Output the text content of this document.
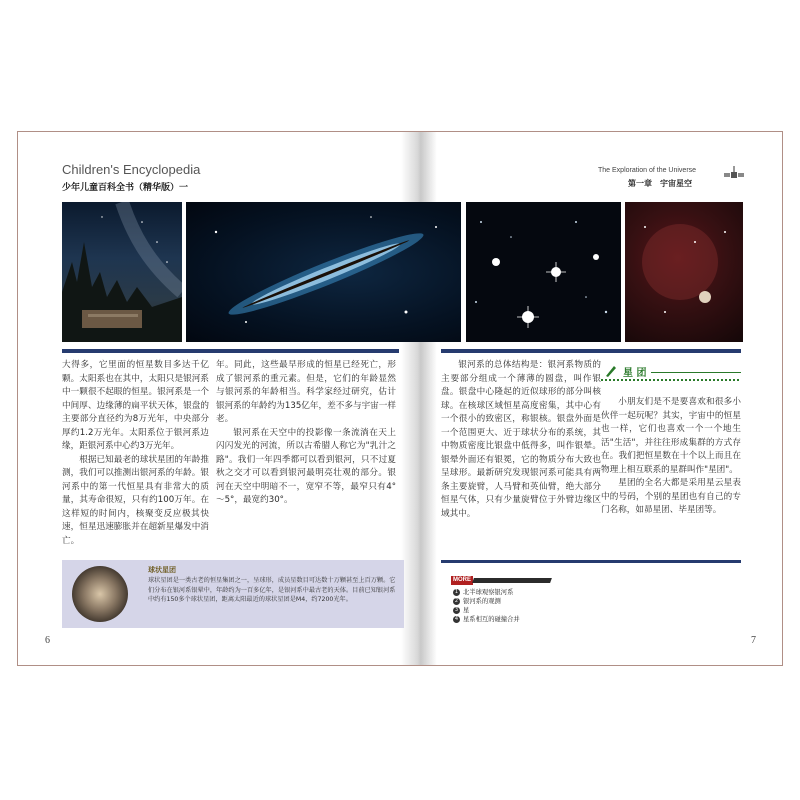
Children's Encyclopedia
少年儿童百科全书（精华版）一
The Exploration of the Universe
第一章　宇宙星空

大得多，它里面的恒星数目多达千亿颗。太阳系也在其中，太阳只是银河系中一颗很不起眼的恒星。银河系是一个中间厚、边缘薄的扁平状天体，银盘的主要部分直径约为8万光年，中央部分厚约1.2万光年。太阳系位于银河系边缘，距银河系中心约3万光年。

根据已知最老的球状星团的年龄推测，我们可以推测出银河系的年龄。银河系中的第一代恒星具有非常大的质量，其寿命很短，只有约100万年。在这样短的时间内，核聚变反应极其快速，恒星迅速膨胀并在超新星爆发中消亡。

年。同此，这些最早形成的恒星已经死亡，形成了银河系的重元素。但是，它们的年龄显然与银河系的年龄相当。科学家经过研究，估计银河系的年龄约为135亿年，差不多与宇宙一样老。

银河系在天空中的投影像一条流淌在天上闪闪发光的河流，所以古希腊人称它为"乳汁之路"。我们一年四季都可以看到银河，只不过夏秋之交才可以看到银河最明亮壮观的部分。银河在天空中明暗不一，宽窄不等，最窄只有4°～5°，最宽约30°。

银河系的总体结构是：银河系物质的主要部分组成一个薄薄的圆盘，叫作银盘。银盘中心隆起的近似球形的部分叫核球。在核球区域恒星高度密集，其中心有一个很小的致密区，称银核。银盘外面是一个范围更大、近于球状分布的系统，其中物质密度比银盘中低得多，叫作银晕。银晕外面还有银冕，它的物质分布大致也呈球形。最新研究发现银河系可能具有两条主要旋臂，人马臂和英仙臂，绝大部分恒星气体，只有少量旋臂位于外臂边缘区域其中。

星 团

小朋友们是不是要喜欢和很多小伙伴一起玩呢？其实，宇宙中的恒星也一样，它们也喜欢一个一个地生活"生活"，并往往形成集群的方式存在。我们把恒星数在十个以上而且在物理上相互联系的星群叫作"星团"。

星团的全名大都是采用星云星表中的号码，个别的星团也有自己的专门名称，如昴星团、毕星团等。

球状星团
球状星团是一类古老的恒星集团之一，呈球形，成员星数目可达数十万颗甚至上百万颗。它们分布在银河系银晕中，年龄约为一百多亿年，是银河系中最古老的天体。目前已知银河系中约有150多个球状星团，距离太阳最近的球状星团是M4，约7200光年。
MORE
1 北半球观察银河系
2 银河系的观测
3 星
4 星系相互的碰撞合并
6	7
